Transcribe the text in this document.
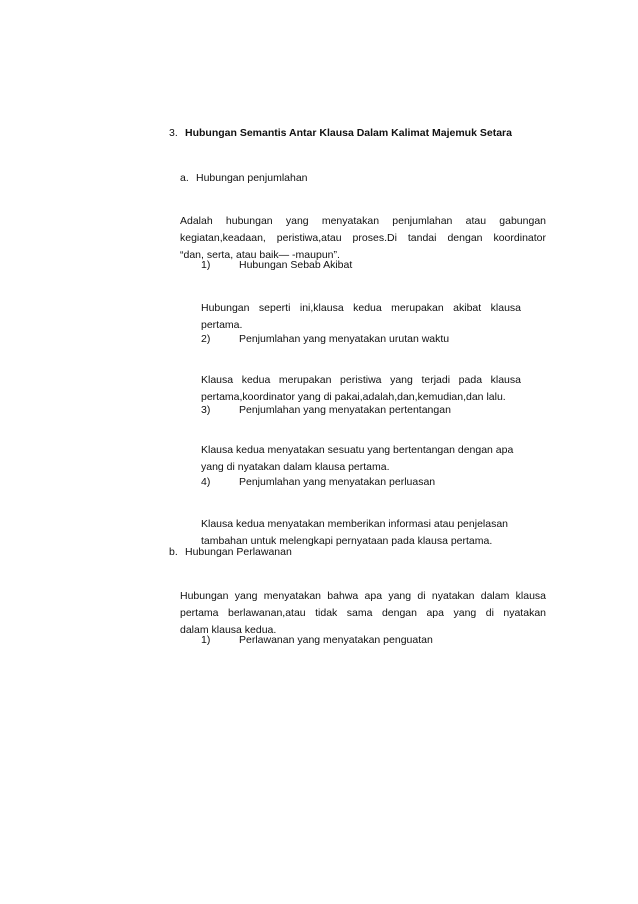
3. Hubungan Semantis Antar Klausa Dalam Kalimat Majemuk Setara
a. Hubungan penjumlahan
Adalah hubungan yang menyatakan penjumlahan atau gabungan
kegiatan,keadaan, peristiwa,atau proses.Di tandai dengan koordinator
“dan, serta, atau baik— -maupun”.
1)	Hubungan Sebab Akibat
Hubungan seperti ini,klausa kedua merupakan akibat klausa
pertama.
2)	Penjumlahan yang menyatakan urutan waktu
Klausa kedua merupakan peristiwa yang terjadi pada klausa
pertama,koordinator yang di pakai,adalah,dan,kemudian,dan lalu.
3)	Penjumlahan yang menyatakan pertentangan
Klausa kedua menyatakan sesuatu yang bertentangan dengan apa
yang di nyatakan dalam klausa pertama.
4)	Penjumlahan yang menyatakan perluasan
Klausa kedua menyatakan memberikan informasi atau penjelasan
tambahan untuk melengkapi pernyataan pada klausa pertama.
b. Hubungan Perlawanan
Hubungan yang menyatakan bahwa apa yang di nyatakan dalam klausa
pertama berlawanan,atau tidak sama dengan apa yang di nyatakan
dalam klausa kedua.
1)	Perlawanan yang menyatakan penguatan
